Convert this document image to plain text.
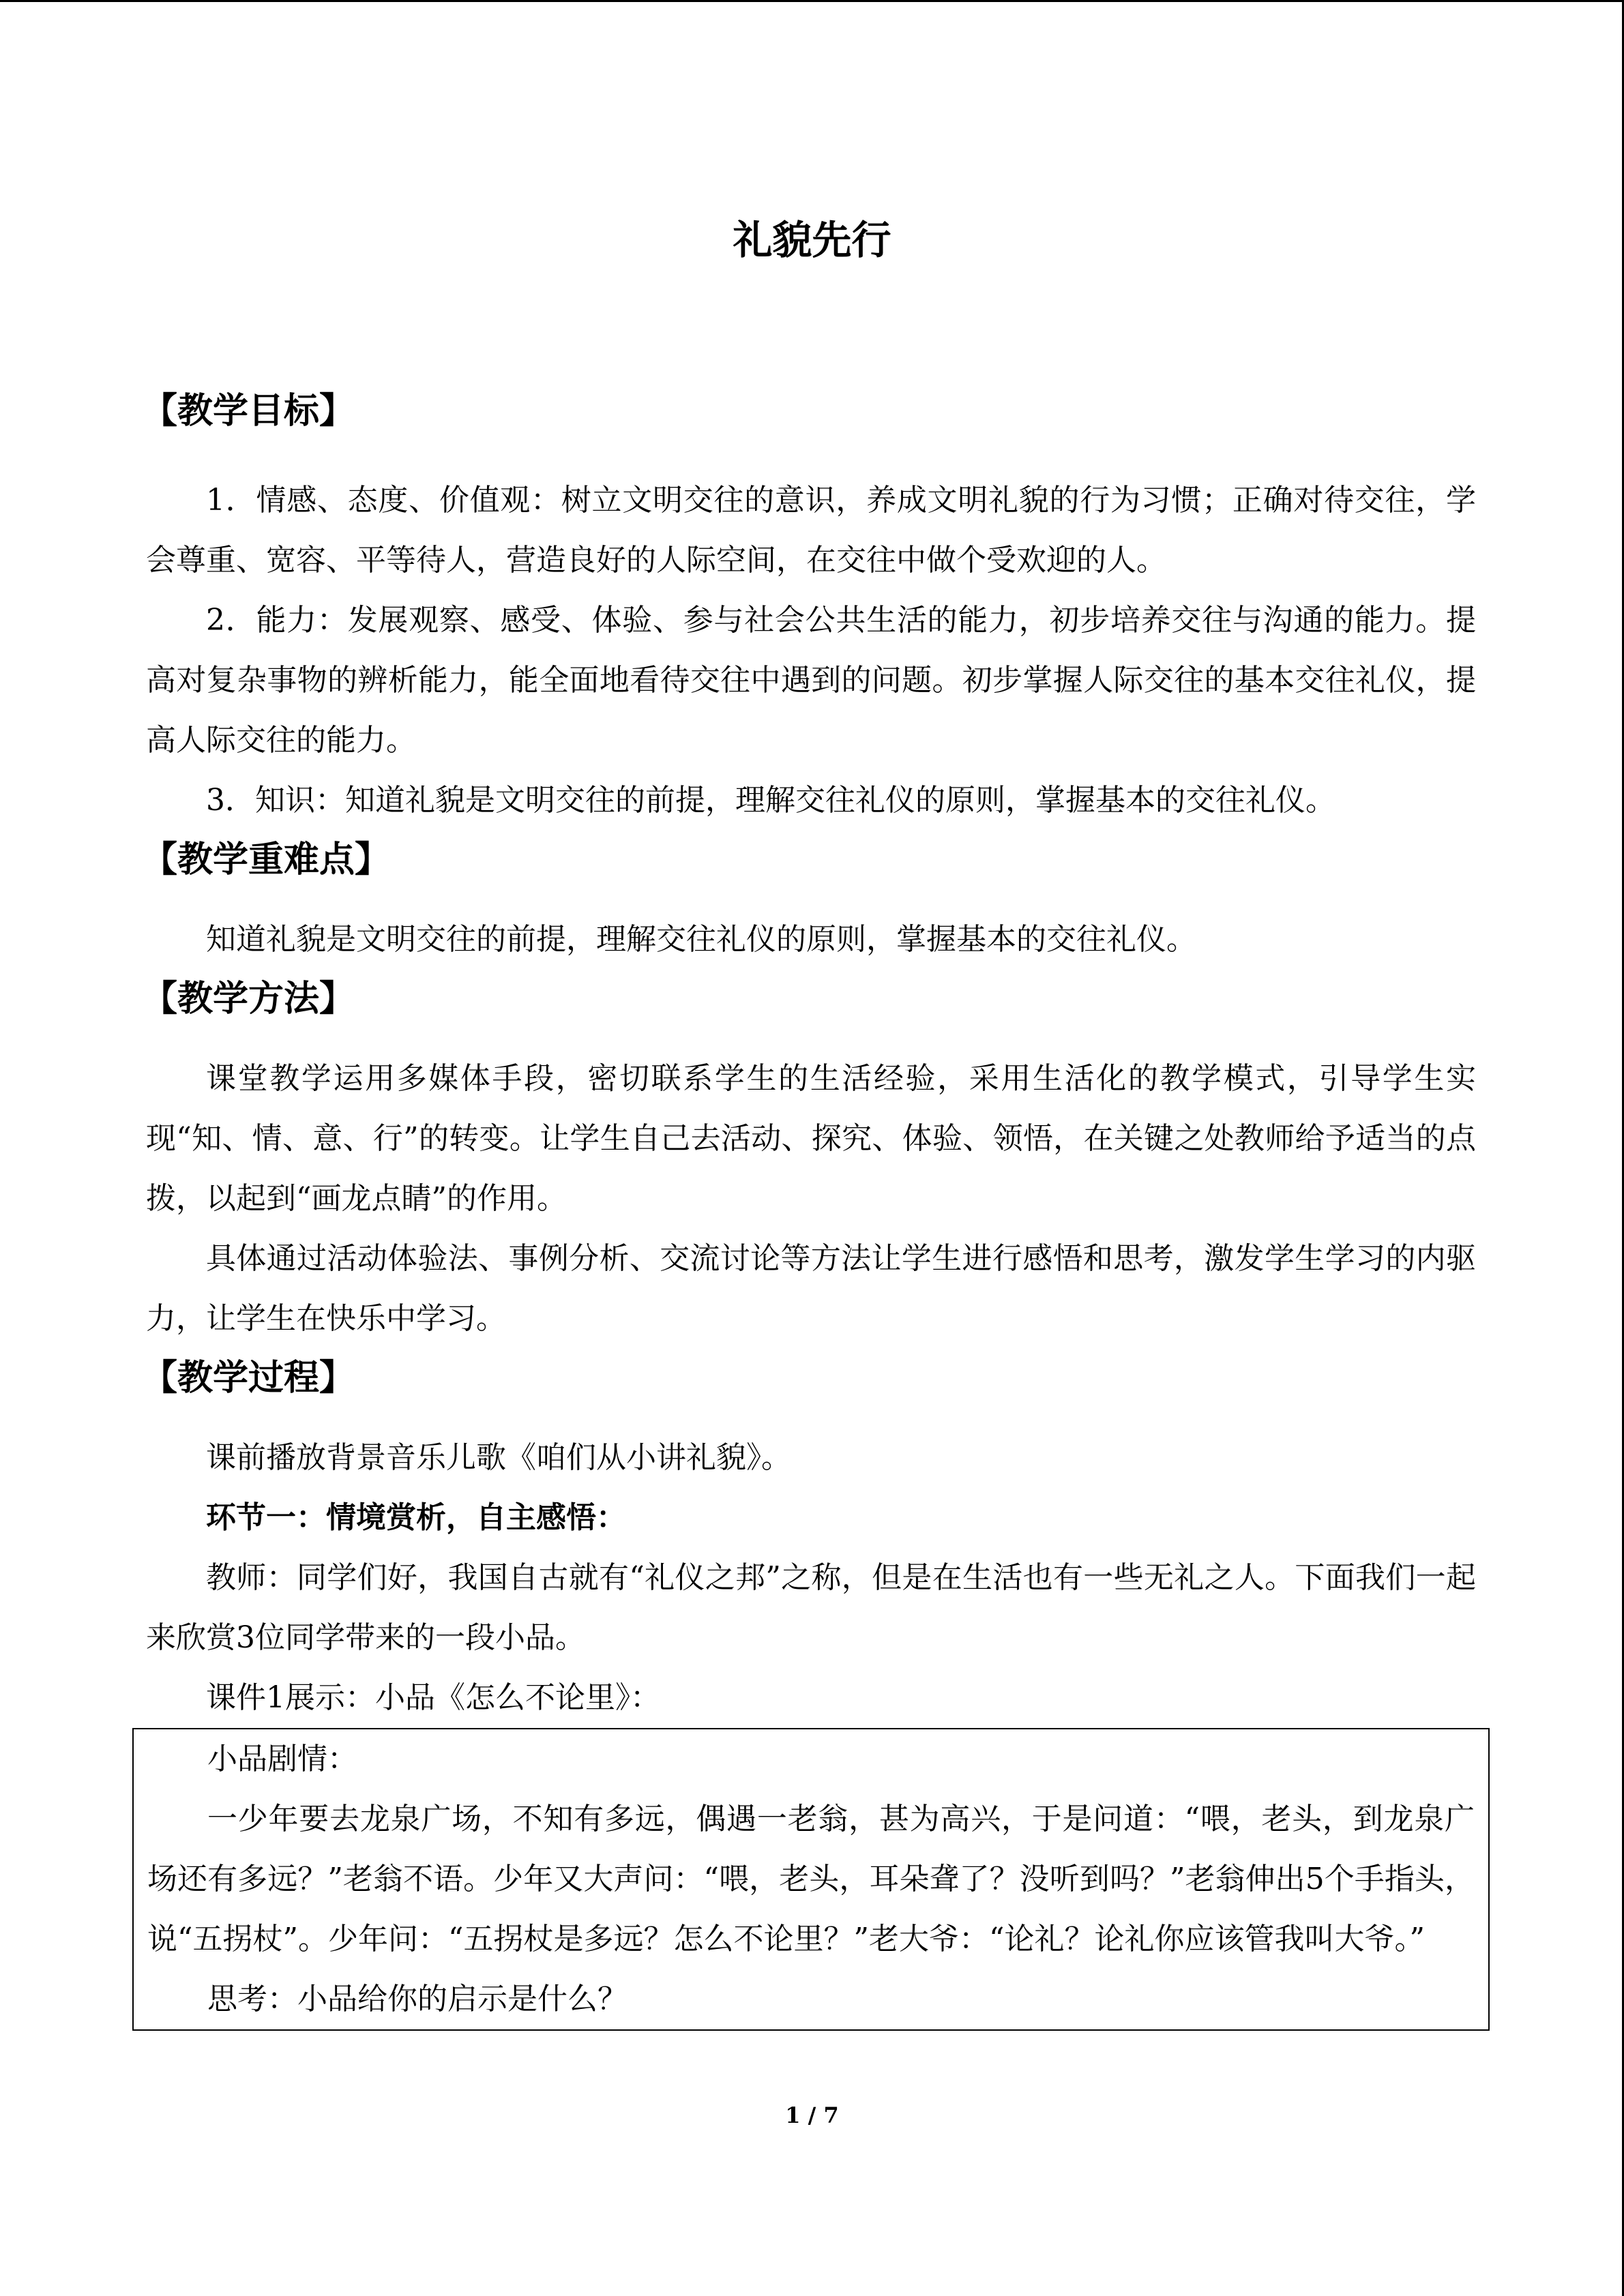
礼貌先行
【教学目标】

1．情感、态度、价值观：树立文明交往的意识，养成文明礼貌的行为习惯；正确对待交往，学会尊重、宽容、平等待人，营造良好的人际空间，在交往中做个受欢迎的人。

2．能力：发展观察、感受、体验、参与社会公共生活的能力，初步培养交往与沟通的能力。提高对复杂事物的辨析能力，能全面地看待交往中遇到的问题。初步掌握人际交往的基本交往礼仪，提高人际交往的能力。

3．知识：知道礼貌是文明交往的前提，理解交往礼仪的原则，掌握基本的交往礼仪。

【教学重难点】

知道礼貌是文明交往的前提，理解交往礼仪的原则，掌握基本的交往礼仪。

【教学方法】

课堂教学运用多媒体手段，密切联系学生的生活经验，采用生活化的教学模式，引导学生实现“知、情、意、行”的转变。让学生自己去活动、探究、体验、领悟，在关键之处教师给予适当的点拨，以起到“画龙点睛”的作用。

具体通过活动体验法、事例分析、交流讨论等方法让学生进行感悟和思考，激发学生学习的内驱力，让学生在快乐中学习。

【教学过程】

课前播放背景音乐儿歌《咱们从小讲礼貌》。

环节一：情境赏析，自主感悟：

教师：同学们好，我国自古就有“礼仪之邦”之称，但是在生活也有一些无礼之人。下面我们一起来欣赏3位同学带来的一段小品。

课件1展示：小品《怎么不论里》：

小品剧情：

一少年要去龙泉广场，不知有多远，偶遇一老翁，甚为高兴，于是问道：“喂，老头，到龙泉广场还有多远？”老翁不语。少年又大声问：“喂，老头，耳朵聋了？没听到吗？”老翁伸出5个手指头，说“五拐杖”。少年问：“五拐杖是多远？怎么不论里？”老大爷：“论礼？论礼你应该管我叫大爷。”

思考：小品给你的启示是什么？

1 / 7
